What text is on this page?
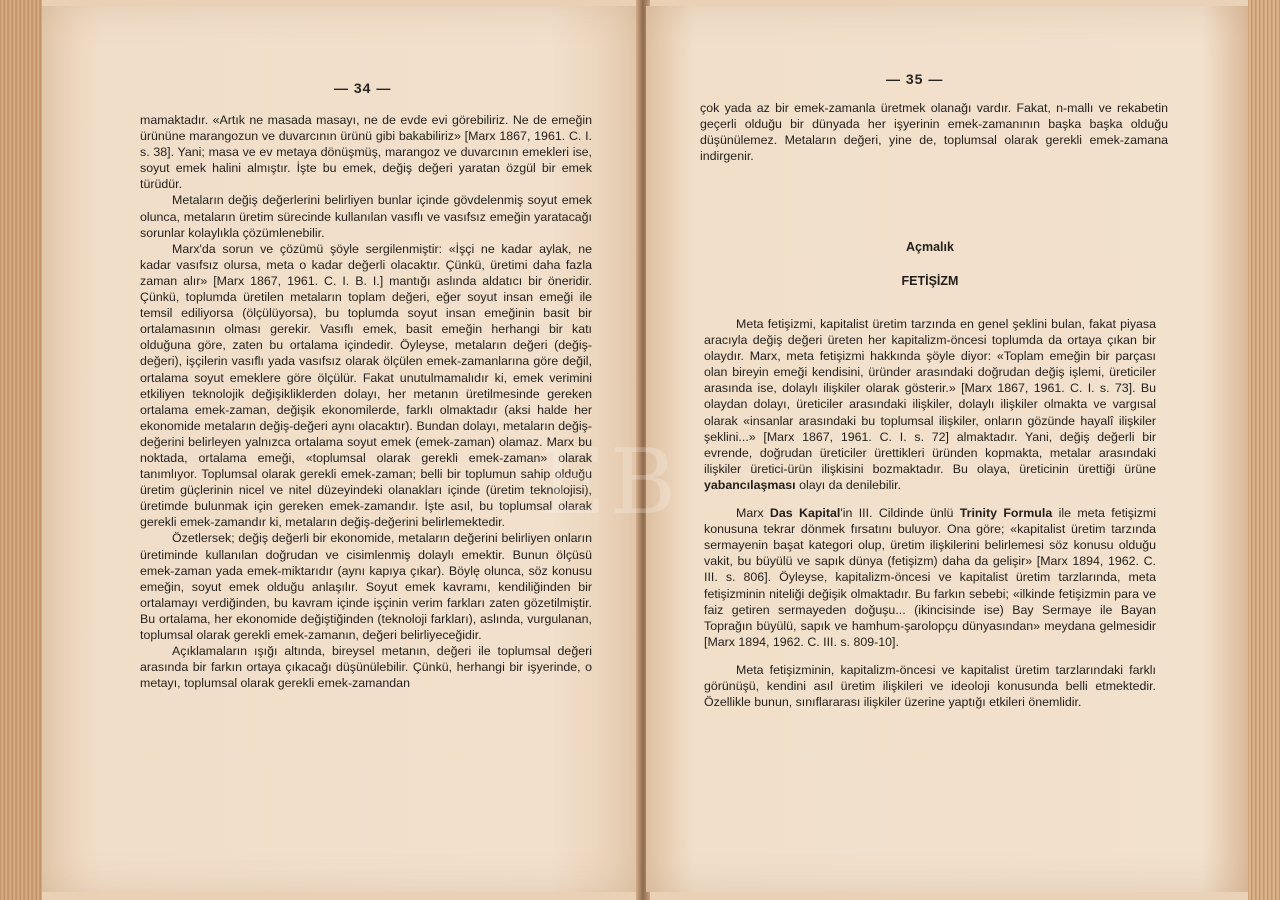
— 34 —

mamaktadır. «Artık ne masada masayı, ne de evde evi görebiliriz. Ne de emeğin ürününe marangozun ve duvarcının ürünü gibi bakabiliriz» [Marx 1867, 1961. C. I. s. 38]. Yani; masa ve ev metaya dönüşmüş, marangoz ve duvarcının emekleri ise, soyut emek halini almıştır. İşte bu emek, değiş değeri yaratan özgül bir emek türüdür.

Metaların değiş değerlerini belirliyen bunlar içinde gövdelenmiş soyut emek olunca, metaların üretim sürecinde kullanılan vasıflı ve vasıfsız emeğin yaratacağı sorunlar kolaylıkla çözümlenebilir.

Marx'da sorun ve çözümü şöyle sergilenmiştir: «İşçi ne kadar aylak, ne kadar vasıfsız olursa, meta o kadar değerli olacaktır. Çünkü, üretimi daha fazla zaman alır» [Marx 1867, 1961. C. I. B. I.] mantığı aslında aldatıcı bir öneridir. Çünkü, toplumda üretilen metaların toplam değeri, eğer soyut insan emeği ile temsil ediliyorsa (ölçülüyorsa), bu toplumda soyut insan emeğinin basit bir ortalamasının olması gerekir. Vasıflı emek, basit emeğin herhangi bir katı olduğuna göre, zaten bu ortalama içindedir. Öyleyse, metaların değeri (değiş-değeri), işçilerin vasıflı yada vasıfsız olarak ölçülen emek-zamanlarına göre değil, ortalama soyut emeklere göre ölçülür. Fakat unutulmamalıdır ki, emek verimini etkiliyen teknolojik değişikliklerden dolayı, her metanın üretilmesinde gereken ortalama emek-zaman, değişik ekonomilerde, farklı olmaktadır (aksi halde her ekonomide metaların değiş-değeri aynı olacaktır). Bundan dolayı, metaların değiş-değerini belirleyen yalnızca ortalama soyut emek (emek-zaman) olamaz. Marx bu noktada, ortalama emeği, «toplumsal olarak gerekli emek-zaman» olarak tanımlıyor. Toplumsal olarak gerekli emek-zaman; belli bir toplumun sahip olduğu üretim güçlerinin nicel ve nitel düzeyindeki olanakları içinde (üretim teknolojisi), üretimde bulunmak için gereken emek-zamandır. İşte asıl, bu toplumsal olarak gerekli emek-zamandır ki, metaların değiş-değerini belirlemektedir.

Özetlersek; değiş değerli bir ekonomide, metaların değerini belirliyen onların üretiminde kullanılan doğrudan ve cisimlenmiş dolaylı emektir. Bunun ölçüsü emek-zaman yada emek-miktarıdır (aynı kapıya çıkar). Böylę olunca, söz konusu emeğin, soyut emek olduğu anlaşılır. Soyut emek kavramı, kendiliğinden bir ortalamayı verdiğinden, bu kavram içinde işçinin verim farkları zaten gözetilmiştir. Bu ortalama, her ekonomide değiştiğinden (teknoloji farkları), aslında, vurgulanan, toplumsal olarak gerekli emek-zamanın, değeri belirliyeceğidir.

Açıklamaların ışığı altında, bireysel metanın, değeri ile toplumsal değeri arasında bir farkın ortaya çıkacağı düşünülebilir. Çünkü, herhangi bir işyerinde, o metayı, toplumsal olarak gerekli emek-zamandan

— 35 —

çok yada az bir emek-zamanla üretmek olanağı vardır. Fakat, n-mallı ve rekabetin geçerli olduğu bir dünyada her işyerinin emek-zamanının başka başka olduğu düşünülemez. Metaların değeri, yine de, toplumsal olarak gerekli emek-zamana indirgenir.

Açmalık
FETİŞİZM

Meta fetişizmi, kapitalist üretim tarzında en genel şeklini bulan, fakat piyasa aracıyla değiş değeri üreten her kapitalizm-öncesi toplumda da ortaya çıkan bir olaydır. Marx, meta fetişizmi hakkında şöyle diyor: «Toplam emeğin bir parçası olan bireyin emeği kendisini, üründer arasındaki doğrudan değiş işlemi, üreticiler arasında ise, dolaylı ilişkiler olarak gösterir.» [Marx 1867, 1961. C. I. s. 73]. Bu olaydan dolayı, üreticiler arasındaki ilişkiler, dolaylı ilişkiler olmakta ve vargısal olarak «insanlar arasındaki bu toplumsal ilişkiler, onların gözünde hayalî ilişkiler şeklini...» [Marx 1867, 1961. C. I. s. 72] almaktadır. Yani, değiş değerli bir evrende, doğrudan üreticiler ürettikleri üründen kopmakta, metalar arasındaki ilişkiler üretici-ürün ilişkisini bozmaktadır. Bu olaya, üreticinin ürettiği ürüne yabancılaşması olayı da denilebilir.

Marx Das Kapital'in III. Cildinde ünlü Trinity Formula ile meta fetişizmi konusuna tekrar dönmek fırsatını buluyor. Ona göre; «kapitalist üretim tarzında sermayenin başat kategori olup, üretim ilişkilerini belirlemesi söz konusu olduğu vakit, bu büyülü ve sapık dünya (fetişizm) daha da gelişir» [Marx 1894, 1962. C. III. s. 806]. Öyleyse, kapitalizm-öncesi ve kapitalist üretim tarzlarında, meta fetişizminin niteliği değişik olmaktadır. Bu farkın sebebi; «ilkinde fetişizmin para ve faiz getiren sermayeden doğuşu... (ikincisinde ise) Bay Sermaye ile Bayan Toprağın büyülü, sapık ve hamhum-şarolopçu dünyasından» meydana gelmesidir [Marx 1894, 1962. C. III. s. 809-10].

Meta fetişizminin, kapitalizm-öncesi ve kapitalist üretim tarzlarındaki farklı görünüşü, kendini asıl üretim ilişkileri ve ideoloji konusunda belli etmektedir. Özellikle bunun, sınıflararası ilişkiler üzerine yaptığı etkileri önemlidir.

EB
